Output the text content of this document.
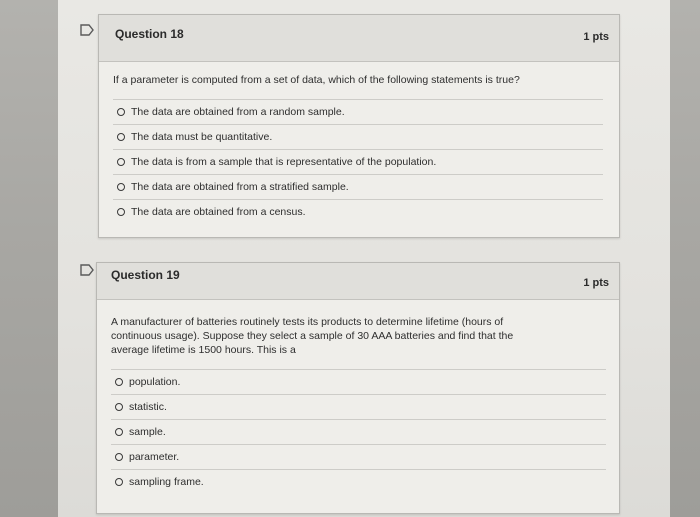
Question 18	1 pts
If a parameter is computed from a set of data, which of the following statements is true?
The data are obtained from a random sample.
The data must be quantitative.
The data is from a sample that is representative of the population.
The data are obtained from a stratified sample.
The data are obtained from a census.
Question 19
1 pts
A manufacturer of batteries routinely tests its products to determine lifetime (hours of
continuous usage). Suppose they select a sample of 30 AAA batteries and find that the
average lifetime is 1500 hours. This is a
population.
statistic.
sample.
parameter.
sampling frame.
